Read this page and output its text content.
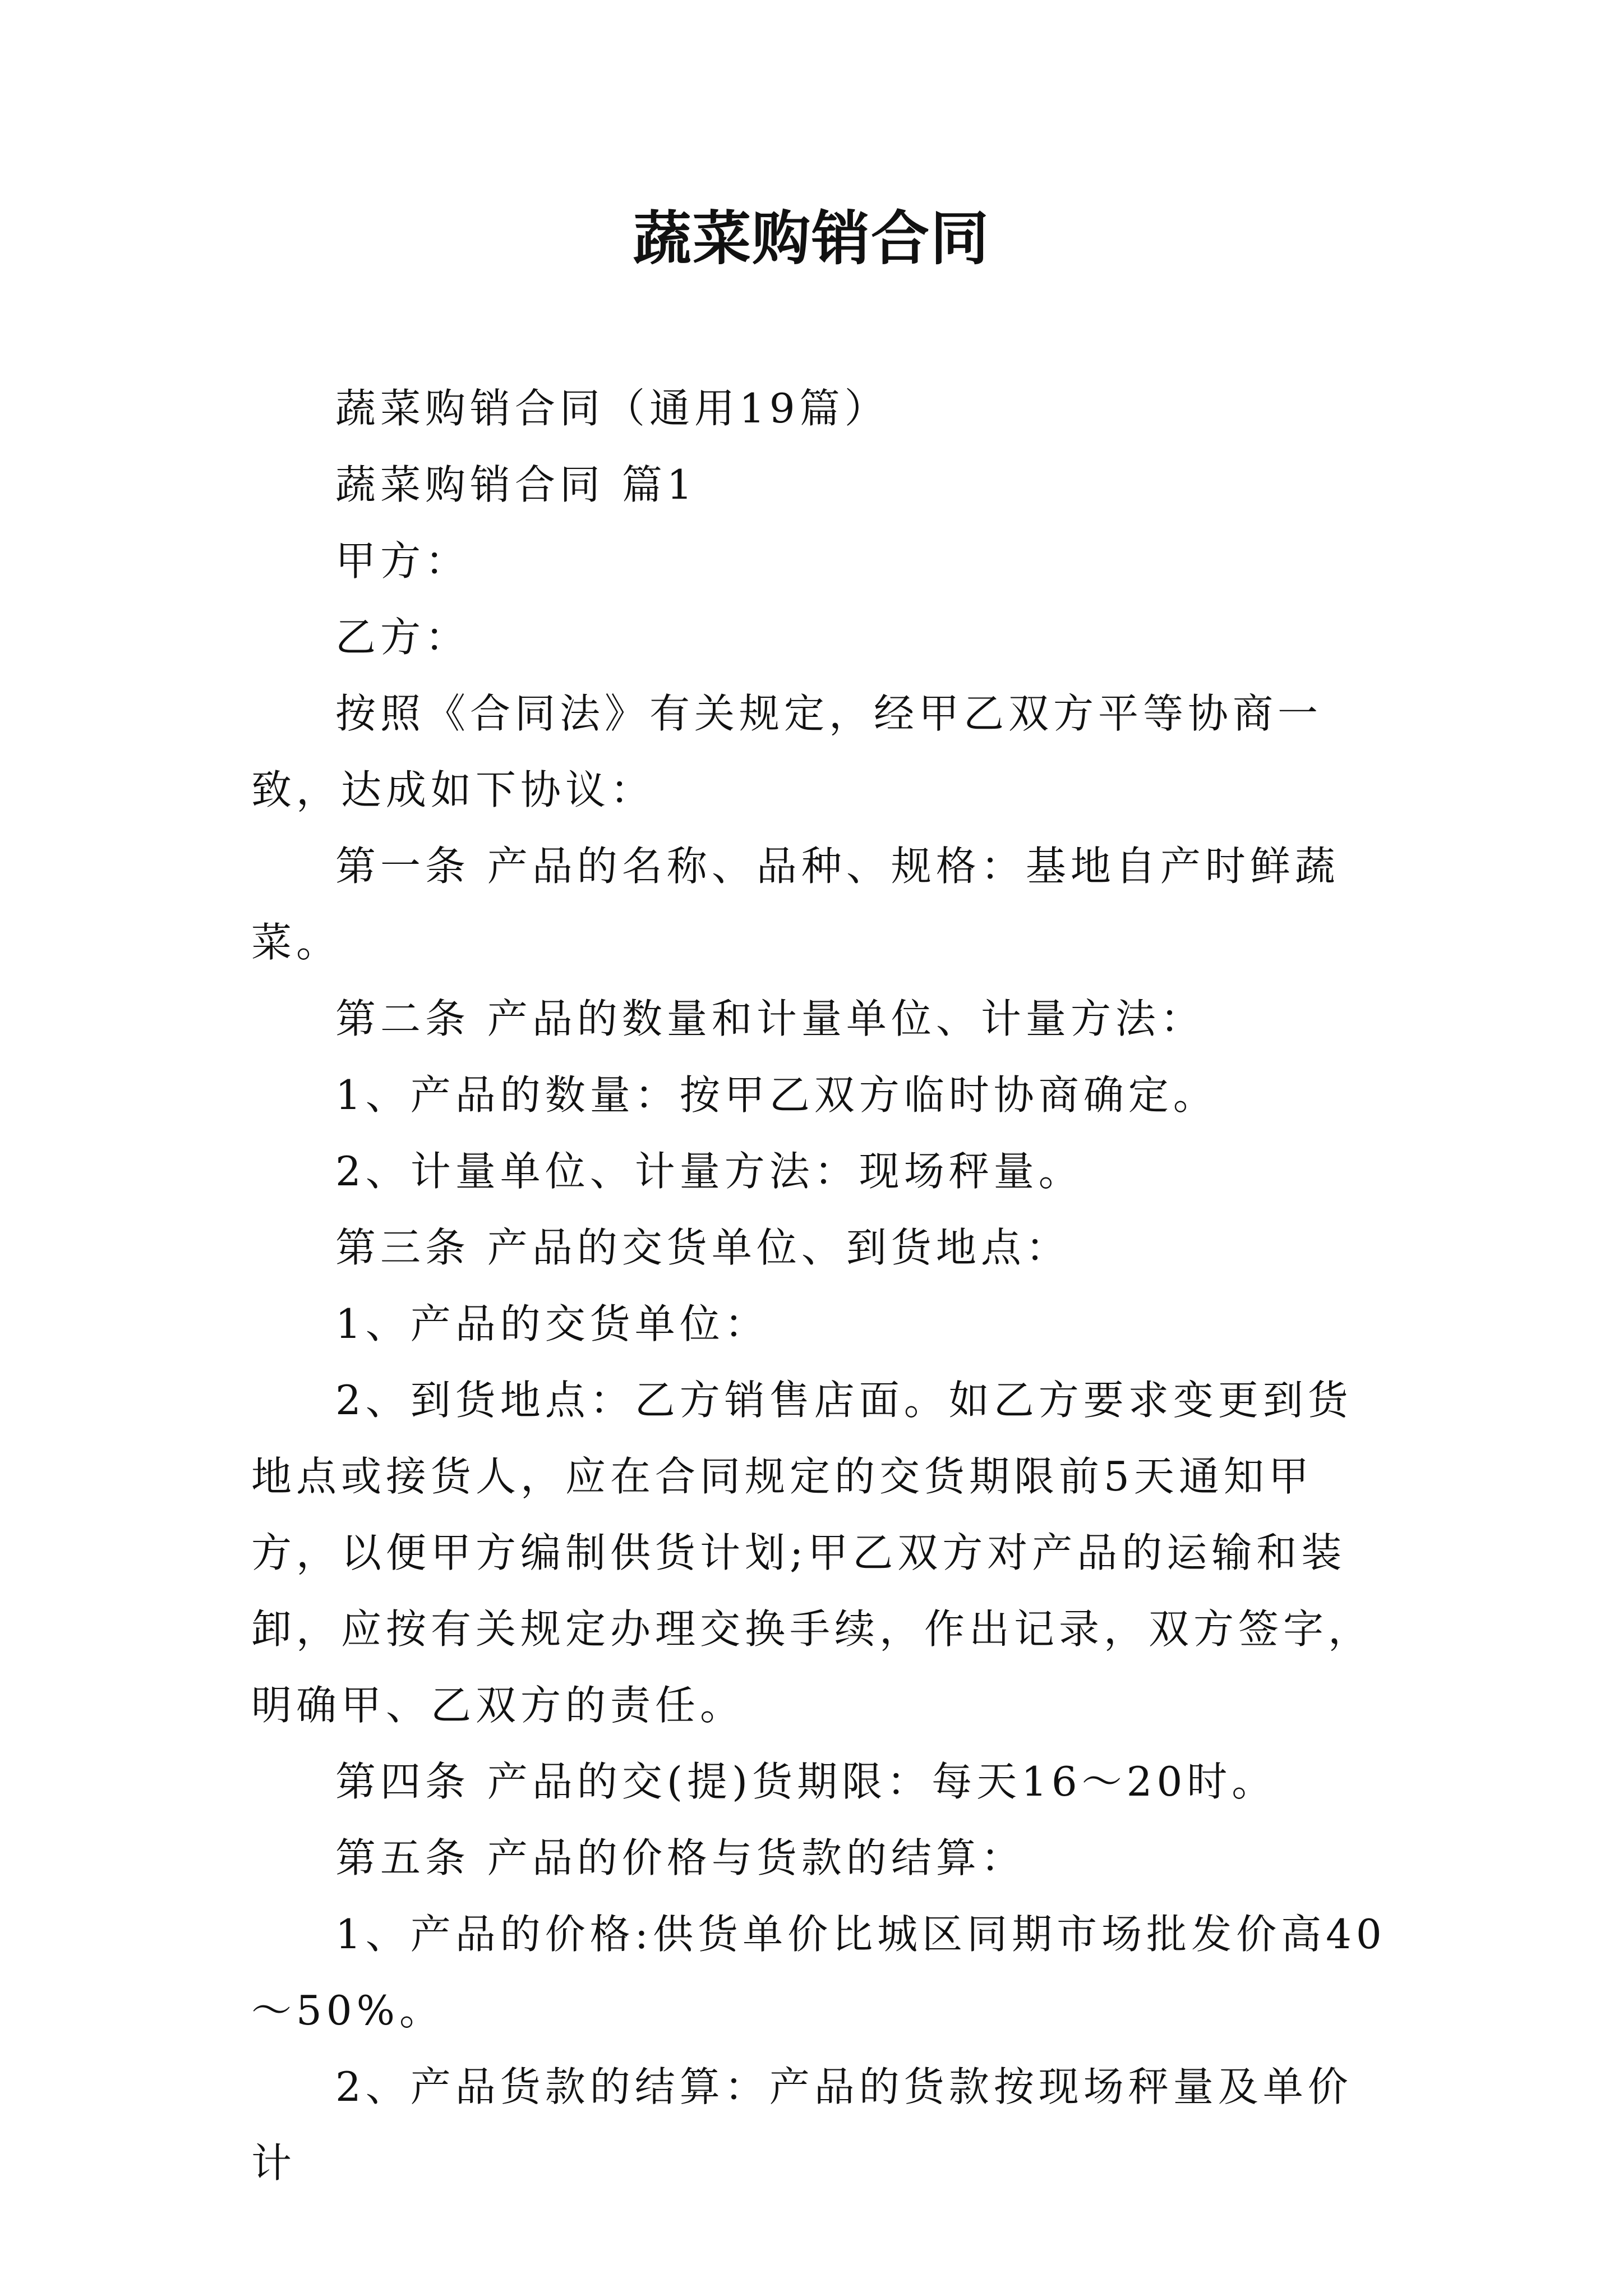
蔬菜购销合同

蔬菜购销合同（通用19篇）

蔬菜购销合同 篇1

甲方：

乙方：

按照《合同法》有关规定，经甲乙双方平等协商一致，达成如下协议：

第一条 产品的名称、品种、规格：基地自产时鲜蔬菜。

第二条 产品的数量和计量单位、计量方法：

1、产品的数量：按甲乙双方临时协商确定。

2、计量单位、计量方法：现场秤量。

第三条 产品的交货单位、到货地点：

1、产品的交货单位：

2、到货地点：乙方销售店面。如乙方要求变更到货地点或接货人，应在合同规定的交货期限前5天通知甲方，以便甲方编制供货计划;甲乙双方对产品的运输和装卸，应按有关规定办理交换手续，作出记录，双方签字，明确甲、乙双方的责任。

第四条 产品的交(提)货期限：每天16～20时。

第五条 产品的价格与货款的结算：

1、产品的价格:供货单价比城区同期市场批发价高40～50%。

2、产品货款的结算：产品的货款按现场秤量及单价计
